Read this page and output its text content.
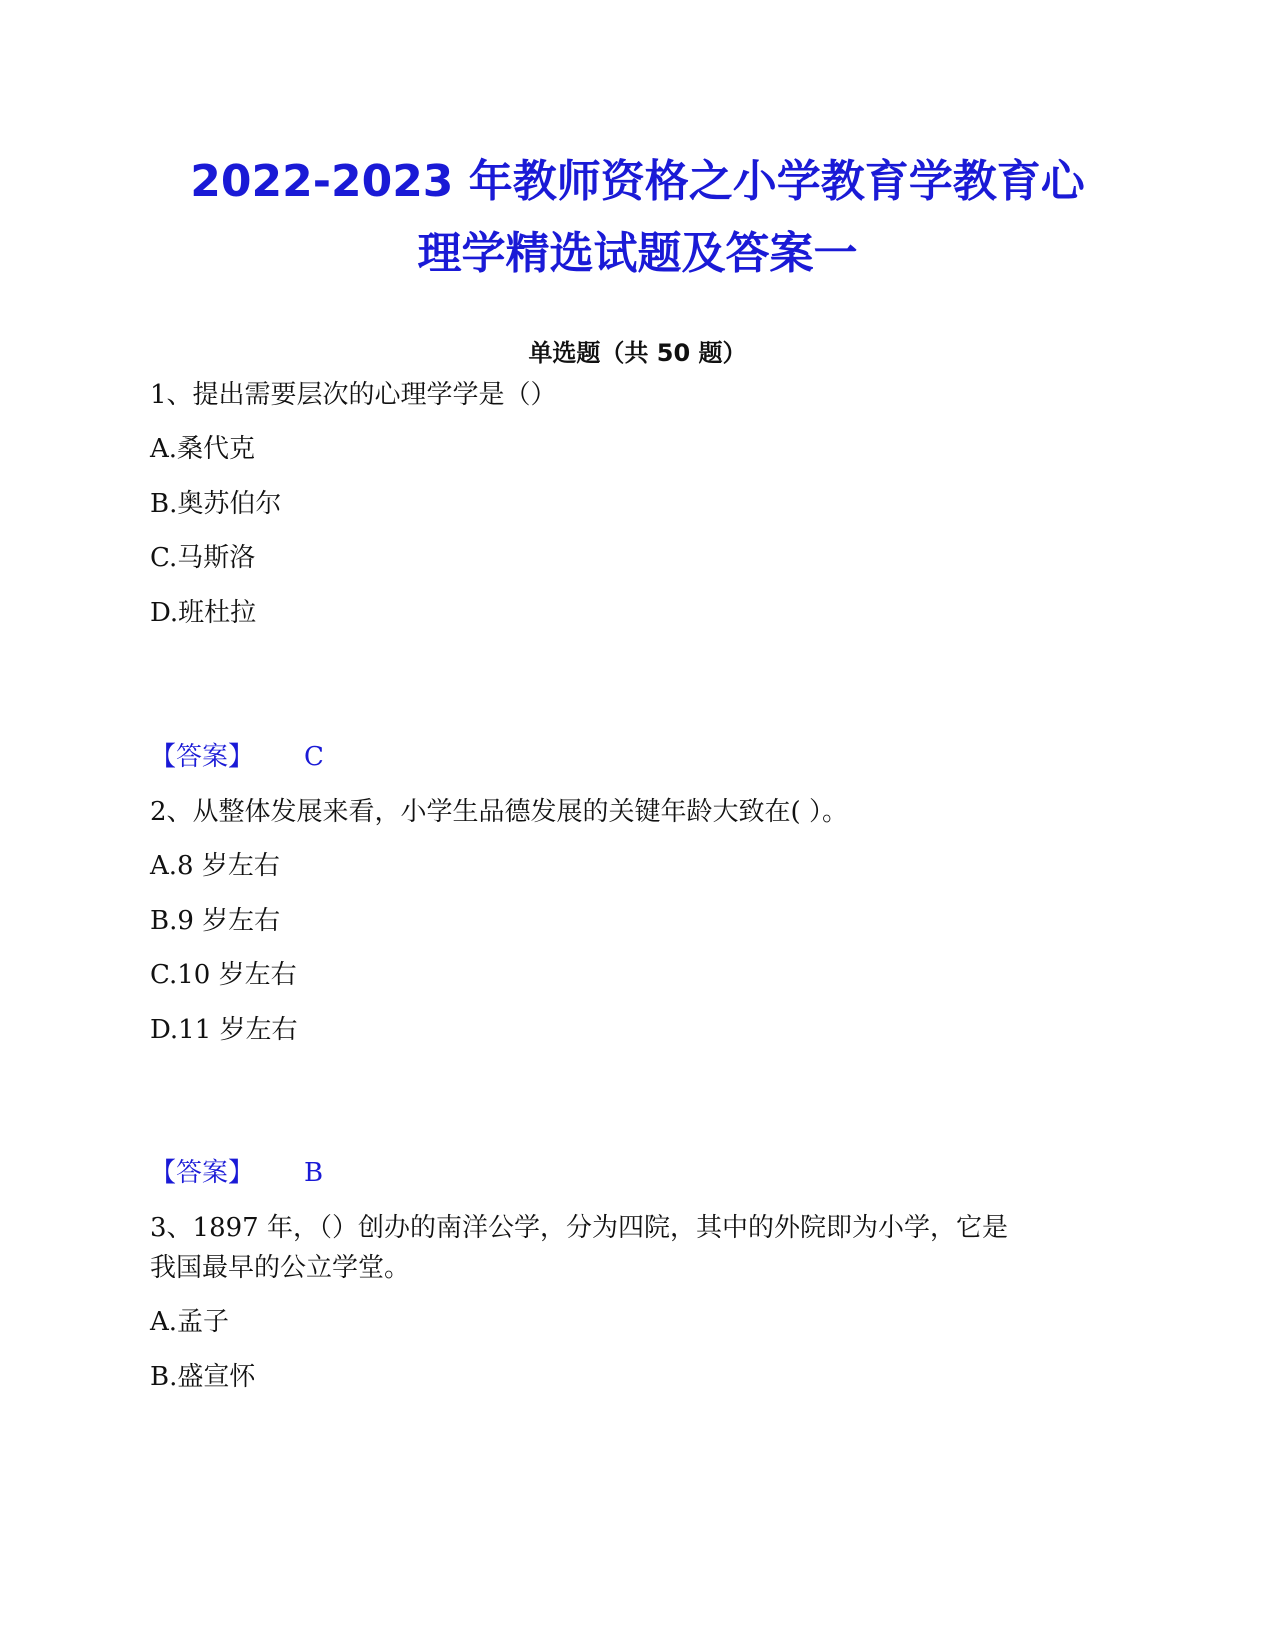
2022-2023 年教师资格之小学教育学教育心
理学精选试题及答案一
单选题（共 50 题）
1、提出需要层次的心理学学是（）
A.桑代克
B.奥苏伯尔
C.马斯洛
D.班杜拉
【答案】 C
2、从整体发展来看，小学生品德发展的关键年龄大致在( ）。
A.8 岁左右
B.9 岁左右
C.10 岁左右
D.11 岁左右
【答案】 B
3、1897 年，（）创办的南洋公学，分为四院，其中的外院即为小学，它是
我国最早的公立学堂。
A.孟子
B.盛宣怀
